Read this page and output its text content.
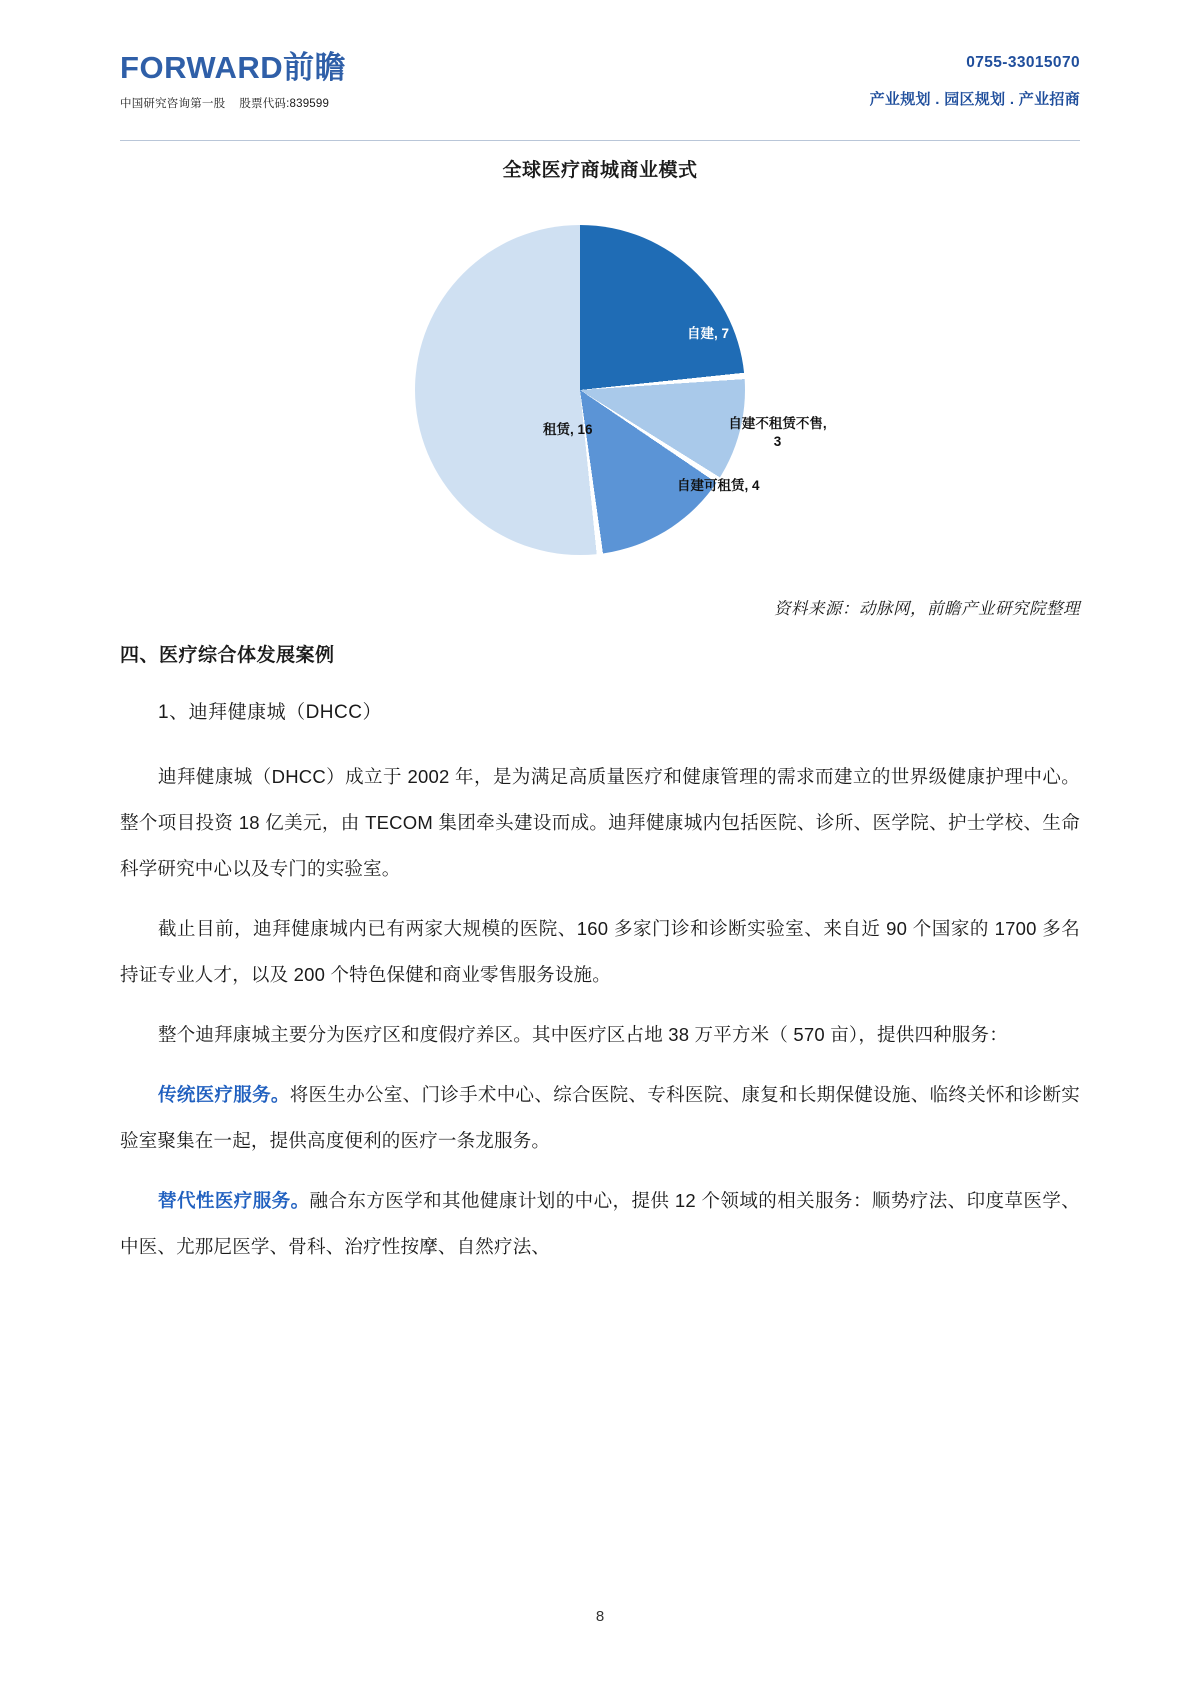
FORWARD前瞻
中国研究咨询第一股 股票代码:839599
0755-33015070
产业规划 . 园区规划 . 产业招商
全球医疗商城商业模式
自建, 7
租赁, 16	自建不租赁不售, 3
自建可租赁, 4
资料来源：动脉网，前瞻产业研究院整理
四、医疗综合体发展案例
1、迪拜健康城（DHCC）

迪拜健康城（DHCC）成立于 2002 年，是为满足高质量医疗和健康管理的需求而建立的世界级健康护理中心。整个项目投资 18 亿美元，由 TECOM 集团牵头建设而成。迪拜健康城内包括医院、诊所、医学院、护士学校、生命科学研究中心以及专门的实验室。

截止目前，迪拜健康城内已有两家大规模的医院、160 多家门诊和诊断实验室、来自近 90 个国家的 1700 多名持证专业人才，以及 200 个特色保健和商业零售服务设施。

整个迪拜康城主要分为医疗区和度假疗养区。其中医疗区占地 38 万平方米（ 570 亩），提供四种服务：

传统医疗服务。将医生办公室、门诊手术中心、综合医院、专科医院、康复和长期保健设施、临终关怀和诊断实验室聚集在一起，提供高度便利的医疗一条龙服务。

替代性医疗服务。融合东方医学和其他健康计划的中心，提供 12 个领域的相关服务：顺势疗法、印度草医学、中医、尤那尼医学、骨科、治疗性按摩、自然疗法、

8
